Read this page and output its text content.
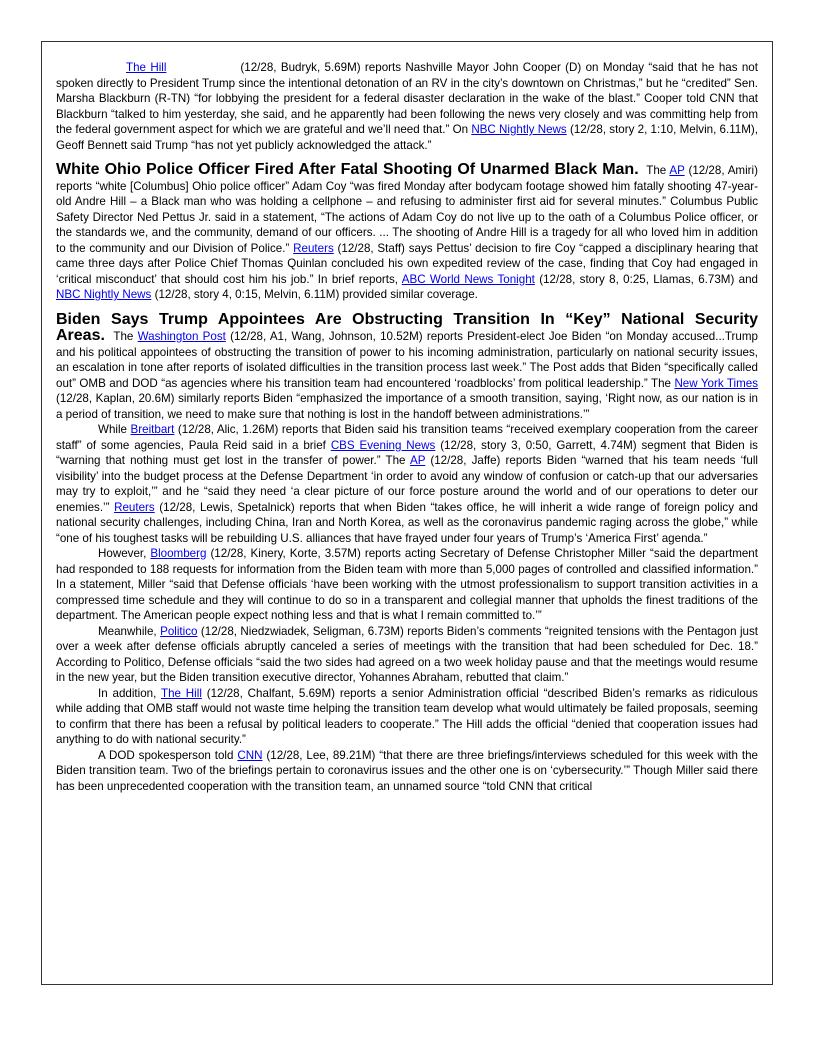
The Hill	(12/28, Budryk, 5.69M) reports Nashville Mayor John Cooper (D) on Monday “said that he has not spoken directly to President Trump since the intentional detonation of an RV in the city’s downtown on Christmas,” but he “credited” Sen. Marsha Blackburn (R-TN) “for lobbying the president for a federal disaster declaration in the wake of the blast.” Cooper told CNN that Blackburn “talked to him yesterday, she said, and he apparently had been following the news very closely and was committing help from the federal government aspect for which we are grateful and we’ll need that.” On NBC Nightly News (12/28, story 2, 1:10, Melvin, 6.11M), Geoff Bennett said Trump “has not yet publicly acknowledged the attack.”

White Ohio Police Officer Fired After Fatal Shooting Of Unarmed Black Man. The AP (12/28, Amiri) reports “white [Columbus] Ohio police officer” Adam Coy “was fired Monday after bodycam footage showed him fatally shooting 47-year-old Andre Hill – a Black man who was holding a cellphone – and refusing to administer first aid for several minutes.” Columbus Public Safety Director Ned Pettus Jr. said in a statement, “The actions of Adam Coy do not live up to the oath of a Columbus Police officer, or the standards we, and the community, demand of our officers. ... The shooting of Andre Hill is a tragedy for all who loved him in addition to the community and our Division of Police.” Reuters (12/28, Staff) says Pettus’ decision to fire Coy “capped a disciplinary hearing that came three days after Police Chief Thomas Quinlan concluded his own expedited review of the case, finding that Coy had engaged in ‘critical misconduct’ that should cost him his job.” In brief reports, ABC World News Tonight (12/28, story 8, 0:25, Llamas, 6.73M) and NBC Nightly News (12/28, story 4, 0:15, Melvin, 6.11M) provided similar coverage.

Biden Says Trump Appointees Are Obstructing Transition In “Key” National Security Areas. The Washington Post (12/28, A1, Wang, Johnson, 10.52M) reports President-elect Joe Biden “on Monday accused...Trump and his political appointees of obstructing the transition of power to his incoming administration, particularly on national security issues, an escalation in tone after reports of isolated difficulties in the transition process last week.” The Post adds that Biden “specifically called out” OMB and DOD “as agencies where his transition team had encountered ‘roadblocks’ from political leadership.” The New York Times (12/28, Kaplan, 20.6M) similarly reports Biden “emphasized the importance of a smooth transition, saying, ‘Right now, as our nation is in a period of transition, we need to make sure that nothing is lost in the handoff between administrations.’”

While Breitbart (12/28, Alic, 1.26M) reports that Biden said his transition teams “received exemplary cooperation from the career staff” of some agencies, Paula Reid said in a brief CBS Evening News (12/28, story 3, 0:50, Garrett, 4.74M) segment that Biden is “warning that nothing must get lost in the transfer of power.” The AP (12/28, Jaffe) reports Biden “warned that his team needs ‘full visibility’ into the budget process at the Defense Department ‘in order to avoid any window of confusion or catch-up that our adversaries may try to exploit,’” and he “said they need ‘a clear picture of our force posture around the world and of our operations to deter our enemies.’” Reuters (12/28, Lewis, Spetalnick) reports that when Biden “takes office, he will inherit a wide range of foreign policy and national security challenges, including China, Iran and North Korea, as well as the coronavirus pandemic raging across the globe,” while “one of his toughest tasks will be rebuilding U.S. alliances that have frayed under four years of Trump’s ‘America First’ agenda.”

However, Bloomberg (12/28, Kinery, Korte, 3.57M) reports acting Secretary of Defense Christopher Miller “said the department had responded to 188 requests for information from the Biden team with more than 5,000 pages of controlled and classified information.” In a statement, Miller “said that Defense officials ‘have been working with the utmost professionalism to support transition activities in a compressed time schedule and they will continue to do so in a transparent and collegial manner that upholds the finest traditions of the department. The American people expect nothing less and that is what I remain committed to.’”

Meanwhile, Politico (12/28, Niedzwiadek, Seligman, 6.73M) reports Biden’s comments “reignited tensions with the Pentagon just over a week after defense officials abruptly canceled a series of meetings with the transition that had been scheduled for Dec. 18.” According to Politico, Defense officials “said the two sides had agreed on a two week holiday pause and that the meetings would resume in the new year, but the Biden transition executive director, Yohannes Abraham, rebutted that claim.”

In addition, The Hill (12/28, Chalfant, 5.69M) reports a senior Administration official “described Biden’s remarks as ridiculous while adding that OMB staff would not waste time helping the transition team develop what would ultimately be failed proposals, seeming to confirm that there has been a refusal by political leaders to cooperate.” The Hill adds the official “denied that cooperation issues had anything to do with national security.”

A DOD spokesperson told CNN (12/28, Lee, 89.21M) “that there are three briefings/interviews scheduled for this week with the Biden transition team. Two of the briefings pertain to coronavirus issues and the other one is on ‘cybersecurity.’” Though Miller said there has been unprecedented cooperation with the transition team, an unnamed source “told CNN that critical
